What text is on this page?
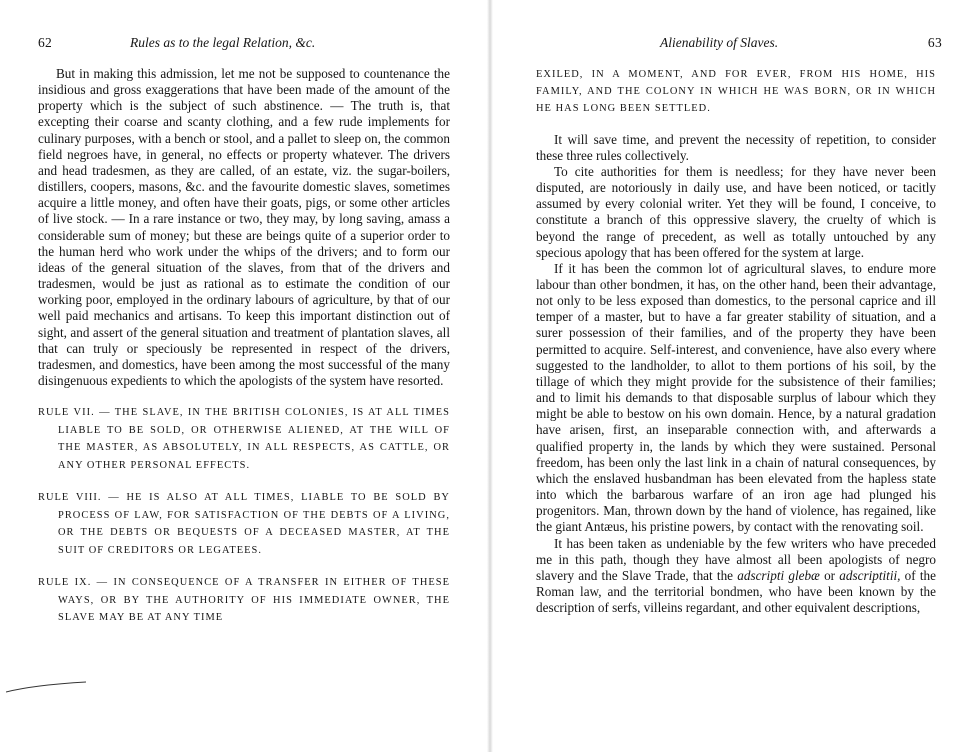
62	Rules as to the legal Relation, &c.

But in making this admission, let me not be supposed to countenance the insidious and gross exaggerations that have been made of the amount of the property which is the subject of such abstinence. — The truth is, that excepting their coarse and scanty clothing, and a few rude implements for culinary purposes, with a bench or stool, and a pallet to sleep on, the common field negroes have, in general, no effects or property whatever. The drivers and head tradesmen, as they are called, of an estate, viz. the sugar-boilers, distillers, coopers, masons, &c. and the favourite domestic slaves, sometimes acquire a little money, and often have their goats, pigs, or some other articles of live stock. — In a rare instance or two, they may, by long saving, amass a considerable sum of money; but these are beings quite of a superior order to the human herd who work under the whips of the drivers; and to form our ideas of the general situation of the slaves, from that of the drivers and tradesmen, would be just as rational as to estimate the condition of our working poor, employed in the ordinary labours of agriculture, by that of our well paid mechanics and artisans. To keep this important distinction out of sight, and assert of the general situation and treatment of plantation slaves, all that can truly or speciously be represented in respect of the drivers, tradesmen, and domestics, have been among the most successful of the many disingenuous expedients to which the apologists of the system have resorted.

RULE VII. — THE SLAVE, IN THE BRITISH COLONIES, IS AT ALL TIMES LIABLE TO BE SOLD, OR OTHERWISE ALIENED, AT THE WILL OF THE MASTER, AS ABSOLUTELY, IN ALL RESPECTS, AS CATTLE, OR ANY OTHER PERSONAL EFFECTS.

RULE VIII. — HE IS ALSO AT ALL TIMES, LIABLE TO BE SOLD BY PROCESS OF LAW, FOR SATISFACTION OF THE DEBTS OF A LIVING, OR THE DEBTS OR BEQUESTS OF A DECEASED MASTER, AT THE SUIT OF CREDITORS OR LEGATEES.

RULE IX. — IN CONSEQUENCE OF A TRANSFER IN EITHER OF THESE WAYS, OR BY THE AUTHORITY OF HIS IMMEDIATE OWNER, THE SLAVE MAY BE AT ANY TIME

Alienability of Slaves.	63

EXILED, IN A MOMENT, AND FOR EVER, FROM HIS HOME, HIS FAMILY, AND THE COLONY IN WHICH HE WAS BORN, OR IN WHICH HE HAS LONG BEEN SETTLED.

It will save time, and prevent the necessity of repetition, to consider these three rules collectively.

To cite authorities for them is needless; for they have never been disputed, are notoriously in daily use, and have been noticed, or tacitly assumed by every colonial writer. Yet they will be found, I conceive, to constitute a branch of this oppressive slavery, the cruelty of which is beyond the range of precedent, as well as totally untouched by any specious apology that has been offered for the system at large.

If it has been the common lot of agricultural slaves, to endure more labour than other bondmen, it has, on the other hand, been their advantage, not only to be less exposed than domestics, to the personal caprice and ill temper of a master, but to have a far greater stability of situation, and a surer possession of their families, and of the property they have been permitted to acquire. Self-interest, and convenience, have also every where suggested to the landholder, to allot to them portions of his soil, by the tillage of which they might provide for the subsistence of their families; and to limit his demands to that disposable surplus of labour which they might be able to bestow on his own domain. Hence, by a natural gradation have arisen, first, an inseparable connection with, and afterwards a qualified property in, the lands by which they were sustained. Personal freedom, has been only the last link in a chain of natural consequences, by which the enslaved husbandman has been elevated from the hapless state into which the barbarous warfare of an iron age had plunged his progenitors. Man, thrown down by the hand of violence, has regained, like the giant Antæus, his pristine powers, by contact with the renovating soil.

It has been taken as undeniable by the few writers who have preceded me in this path, though they have almost all been apologists of negro slavery and the Slave Trade, that the adscripti glebæ or adscriptitii, of the Roman law, and the territorial bondmen, who have been known by the description of serfs, villeins regardant, and other equivalent descriptions,
